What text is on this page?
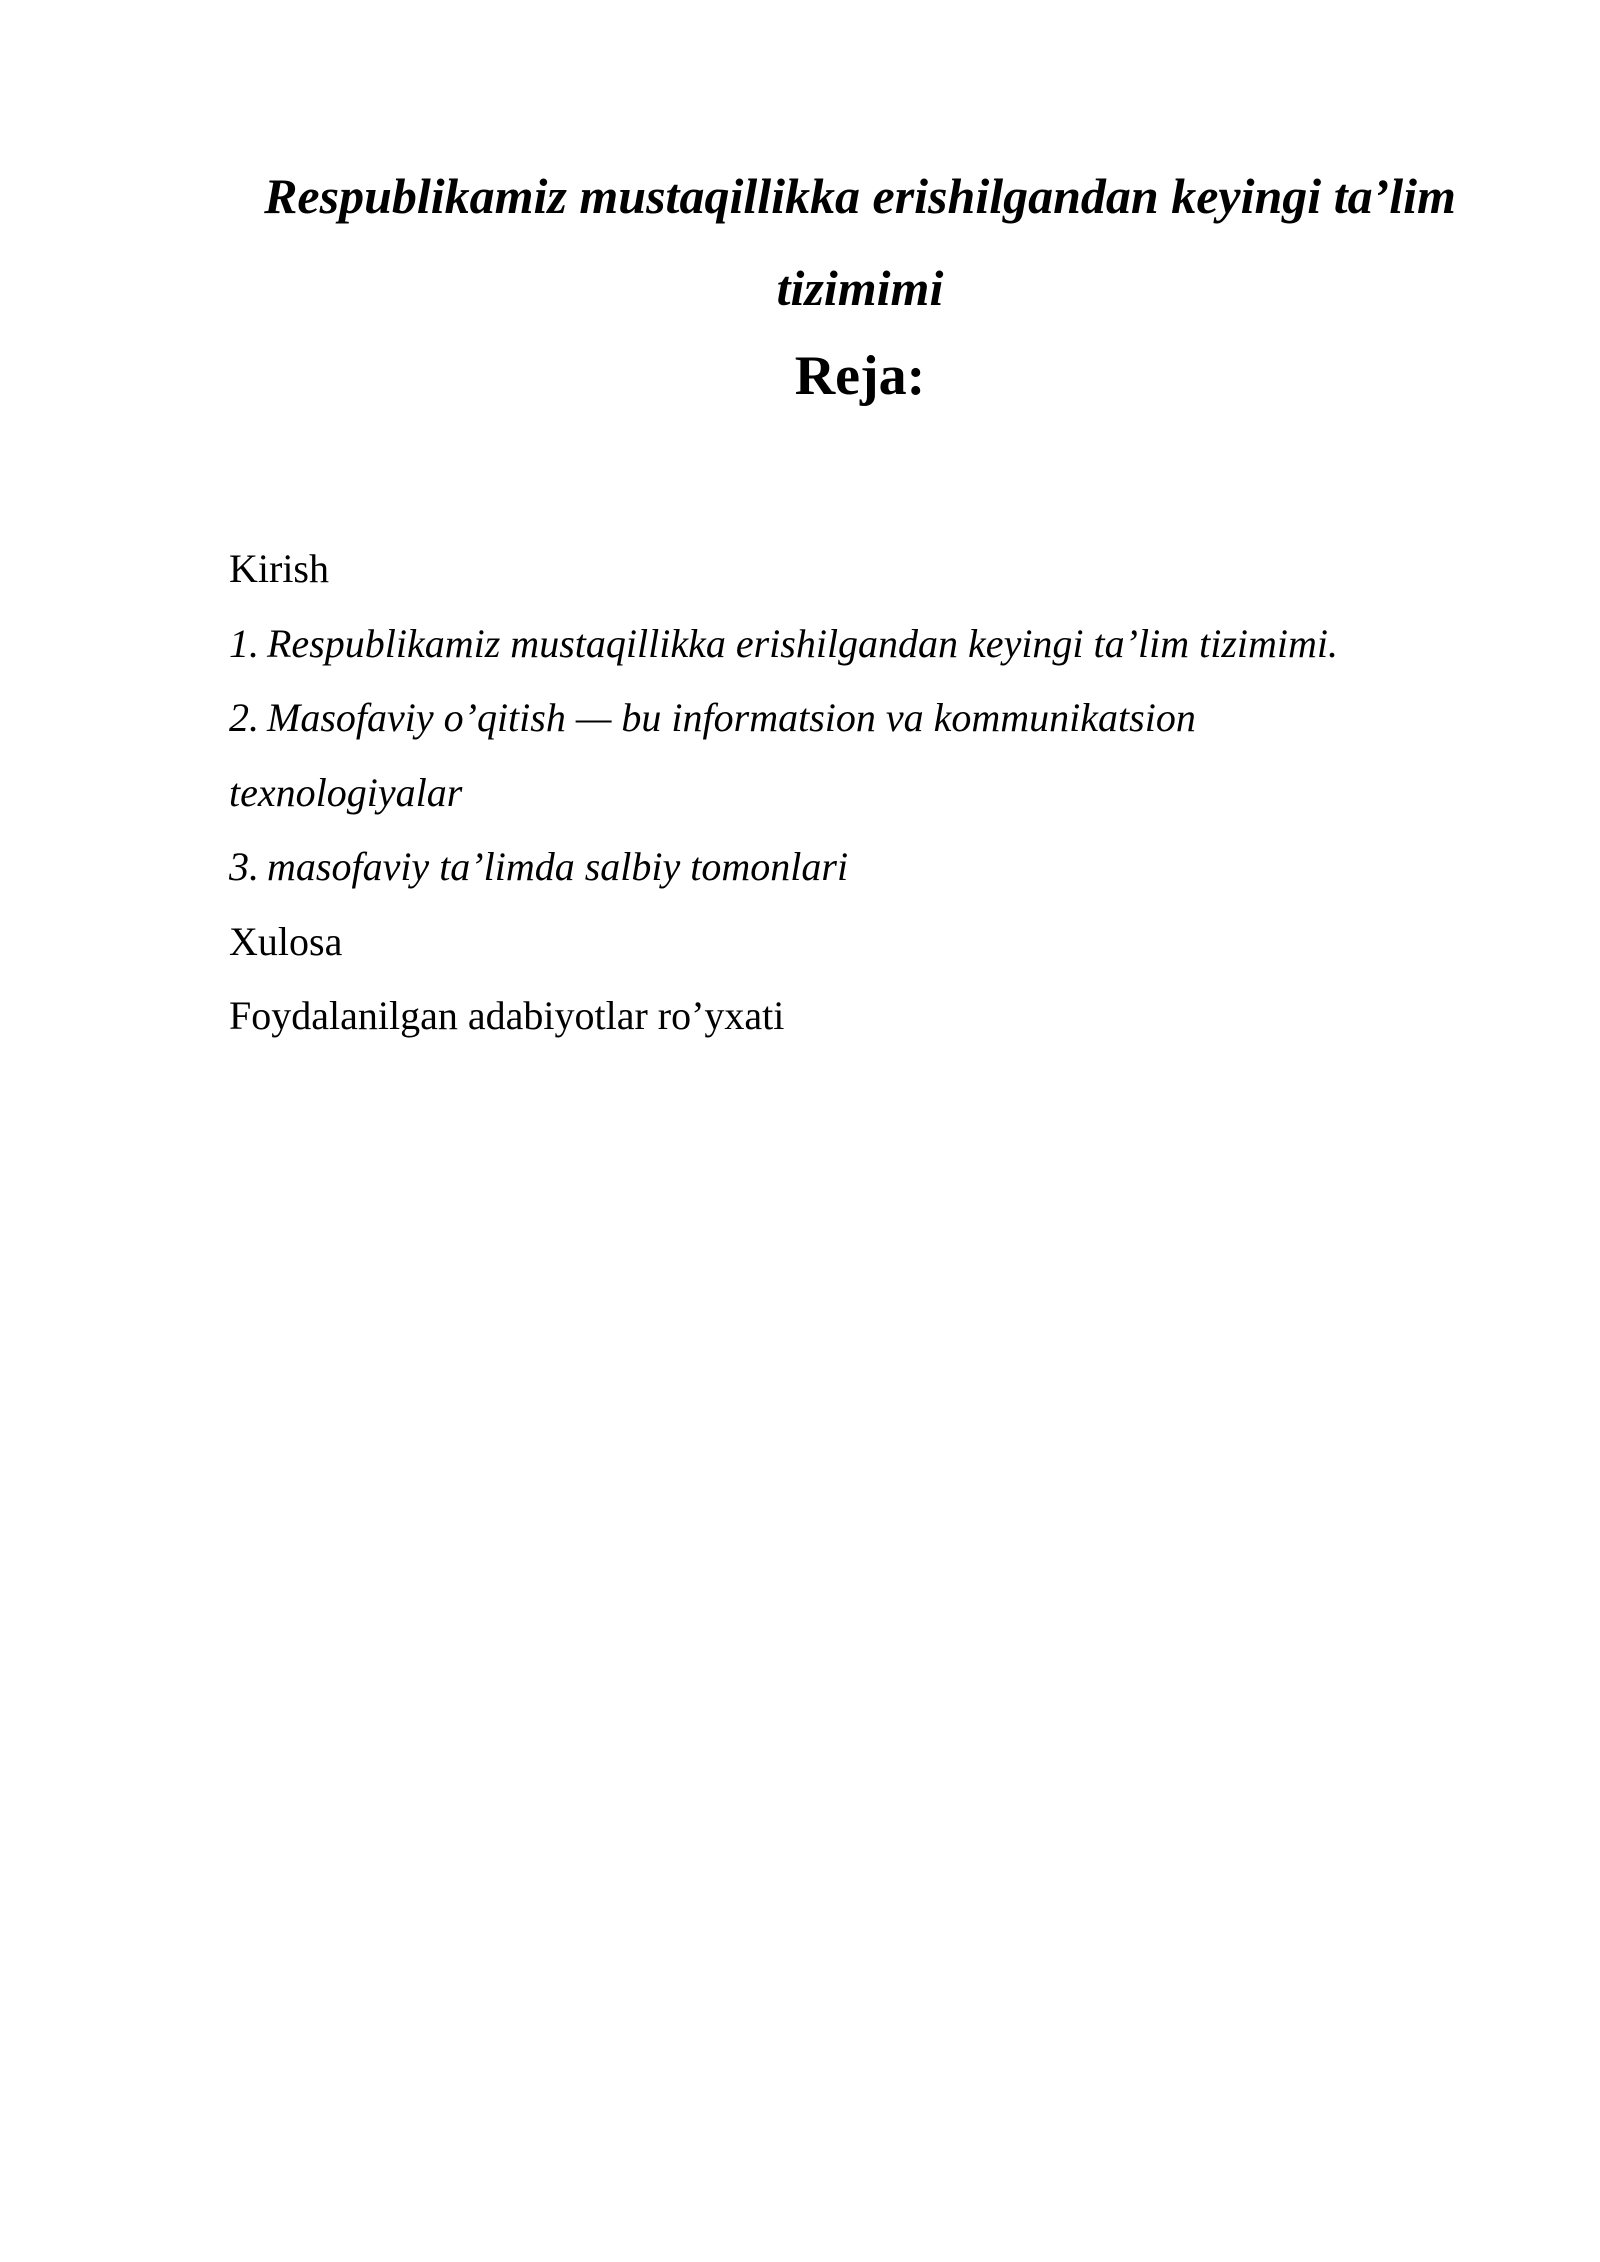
Respublikamiz mustaqillikka erishilgandan keyingi ta’lim tizimimi
Reja:
Kirish
1. Respublikamiz mustaqillikka erishilgandan keyingi ta’lim tizimimi.
2. Masofaviy o’qitish — bu informatsion va kommunikatsion texnologiyalar
3. masofaviy ta’limda salbiy tomonlari
Xulosa
Foydalanilgan adabiyotlar ro’yxati
